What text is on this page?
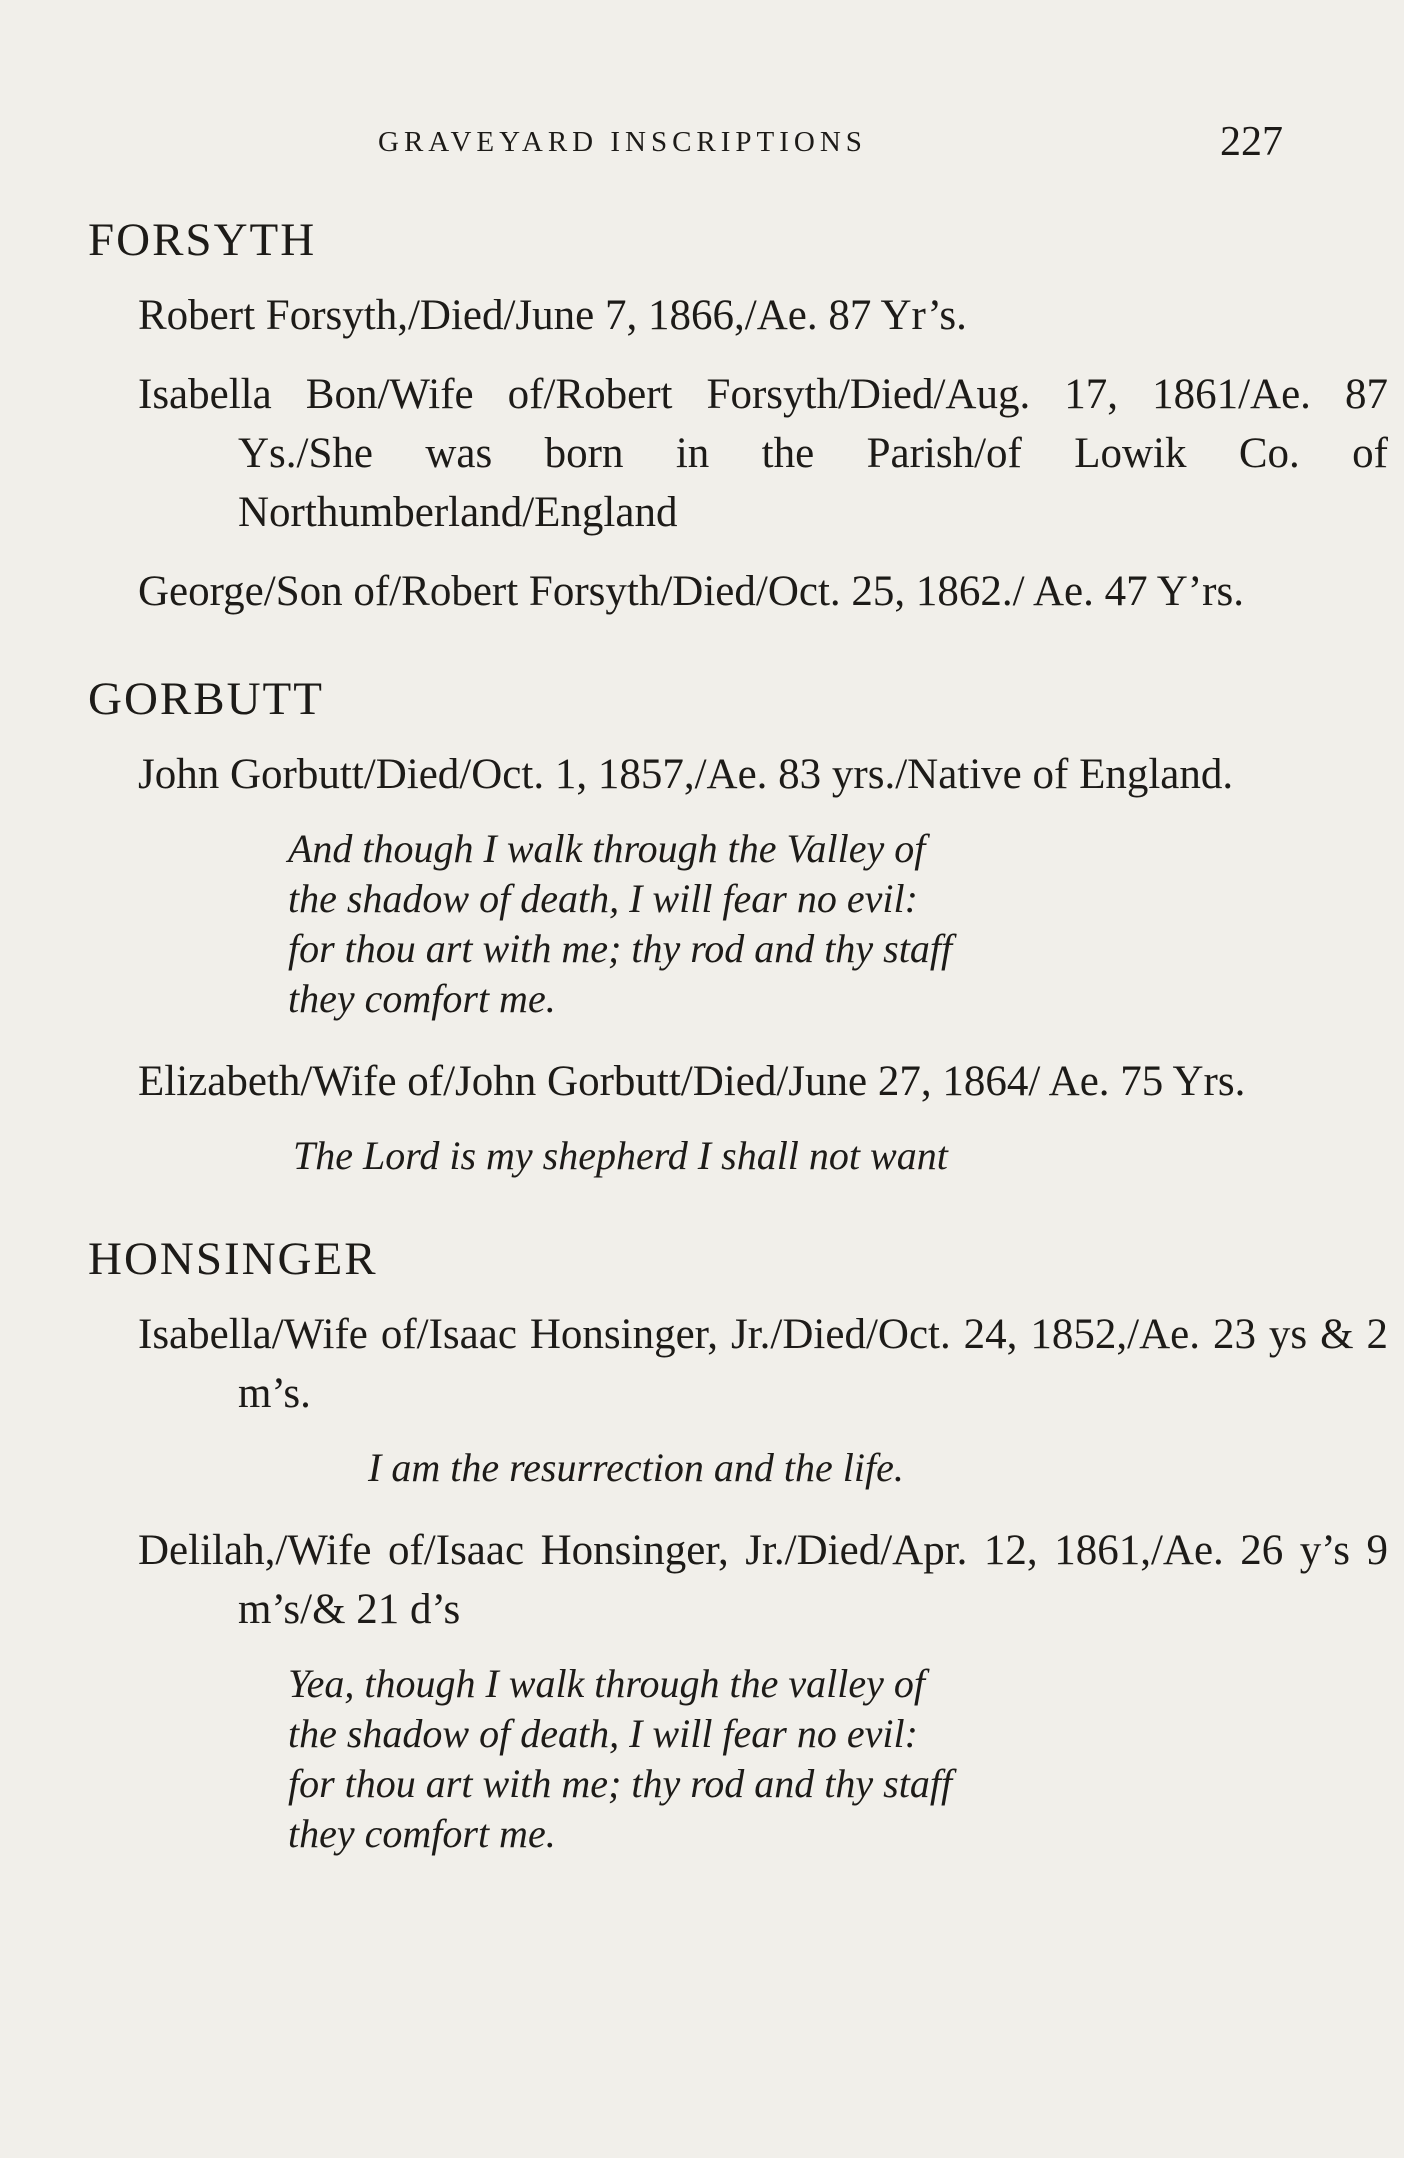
GRAVEYARD INSCRIPTIONS	227
FORSYTH

Robert Forsyth,/Died/June 7, 1866,/Ae. 87 Yr’s.

Isabella Bon/Wife of/Robert Forsyth/Died/Aug. 17, 1861/Ae. 87 Ys./She was born in the Parish/of Lowik Co. of Northumberland/England

George/Son of/Robert Forsyth/Died/Oct. 25, 1862./ Ae. 47 Y’rs.

GORBUTT

John Gorbutt/Died/Oct. 1, 1857,/Ae. 83 yrs./Native of England.

And though I walk through the Valley of
the shadow of death, I will fear no evil:
for thou art with me; thy rod and thy staff
they comfort me.

Elizabeth/Wife of/John Gorbutt/Died/June 27, 1864/ Ae. 75 Yrs.

The Lord is my shepherd I shall not want
HONSINGER

Isabella/Wife of/Isaac Honsinger, Jr./Died/Oct. 24, 1852,/Ae. 23 ys & 2 m’s.

I am the resurrection and the life.

Delilah,/Wife of/Isaac Honsinger, Jr./Died/Apr. 12, 1861,/Ae. 26 y’s 9 m’s/& 21 d’s

Yea, though I walk through the valley of
the shadow of death, I will fear no evil:
for thou art with me; thy rod and thy staff
they comfort me.
